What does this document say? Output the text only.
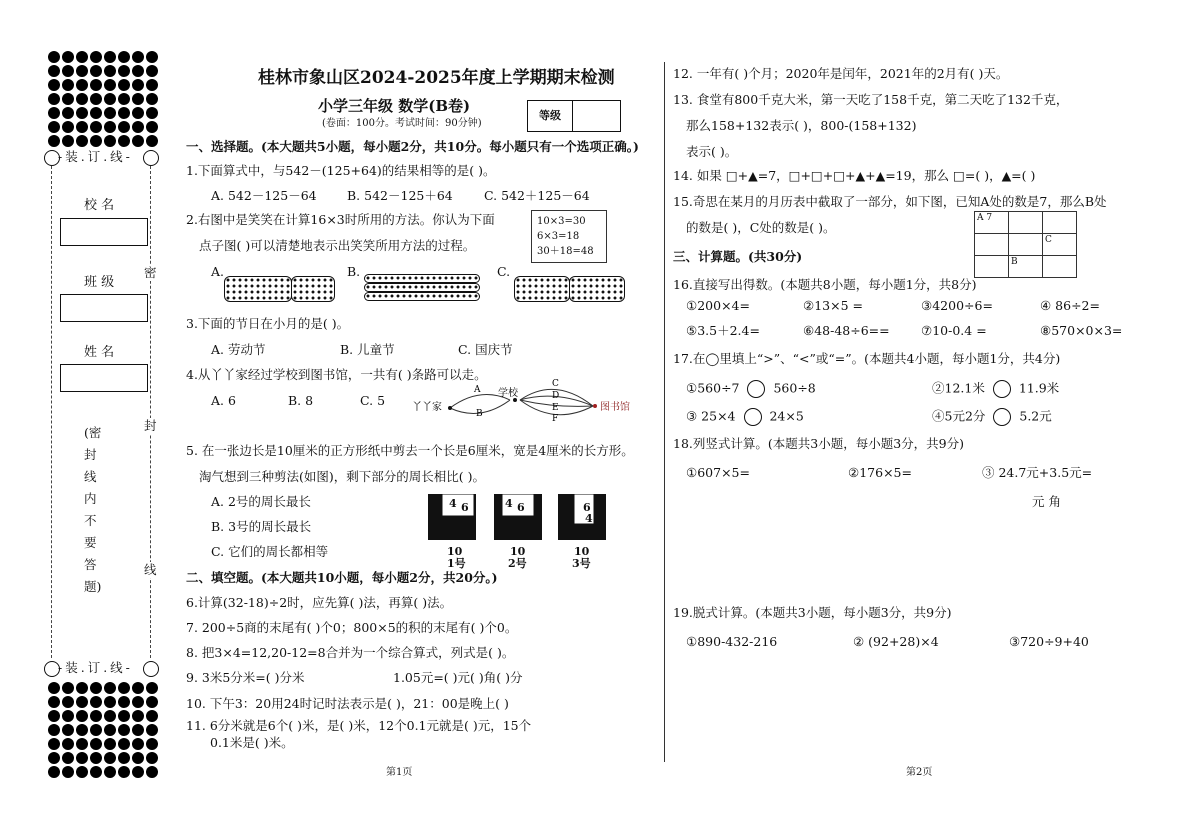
-装.订.线-
校 名
班 级
姓 名
(密封线内不要答题)
密
封
线
-装.订.线-
桂林市象山区2024-2025年度上学期期末检测
小学三年级 数学(B卷)
(卷面：100分。考试时间：90分钟)
等级
一、选择题。(本大题共5小题，每小题2分，共10分。每小题只有一个选项正确。)
1.下面算式中，与542－(125+64)的结果相等的是( )。
A. 542－125－64 B. 542－125＋64 C. 542＋125－64
2.右图中是笑笑在计算16×3时所用的方法。你认为下面
点子图( )可以清楚地表示出笑笑所用方法的过程。
10×3=30
6×3=18
30＋18=48
A.	B.	C.
3.下面的节日在小月的是( )。
A. 劳动节	B. 儿童节	C. 国庆节
4.从丫丫家经过学校到图书馆，一共有( )条路可以走。
A. 6	B. 8	C. 5	丫丫家
学校
图书馆
A
B
C
D
E
F
5. 在一张边长是10厘米的正方形纸中剪去一个长是6厘米，宽是4厘米的长方形。
淘气想到三种剪法(如图)，剩下部分的周长相比( )。
A. 2号的周长最长
B. 3号的周长最长
C. 它们的周长都相等
4 6
10
1号
4 6
10
2号
6
4
10
3号
二、填空题。(本大题共10小题，每小题2分，共20分。)
6.计算(32-18)÷2时，应先算( )法，再算( )法。
7. 200÷5商的末尾有( )个0；800×5的积的末尾有( )个0。
8. 把3×4=12,20-12=8合并为一个综合算式，列式是( )。
9. 3米5分米=( )分米	1.05元=( )元( )角( )分
10. 下午3：20用24时记时法表示是( )，21：00是晚上( )
11. 6分米就是6个( )米，是( )米，12个0.1元就是( )元，15个
0.1米是( )米。
第1页
12. 一年有( )个月；2020年是闰年，2021年的2月有( )天。
13. 食堂有800千克大米，第一天吃了158千克，第二天吃了132千克，
那么158+132表示( )，800-(158+132)
表示( )。
14. 如果 □+▲=7，□+□+□+▲+▲=19，那么 □=( )，▲=( )
15.奇思在某月的月历表中截取了一部分，如下图，已知A处的数是7，那么B处
的数是( )，C处的数是( )。
A 7		
		C
	B	
三、计算题。(共30分)
16.直接写出得数。(本题共8小题，每小题1分，共8分)
①200×4=	②13×5 =	③4200÷6=	④ 86÷2=
⑤3.5＋2.4=	⑥48-48÷6==	⑦10-0.4 =	⑧570×0×3=
17.在◯里填上“>”、“<”或“=”。(本题共4小题，每小题1分，共4分)
①560÷7	560÷8	②12.1米	11.9米
③ 25×4	24×5	④5元2分	5.2元
18.列竖式计算。(本题共3小题，每小题3分，共9分)
①607×5=	②176×5=	③ 24.7元+3.5元=
元 角
19.脱式计算。(本题共3小题，每小题3分，共9分)
①890-432-216	② (92+28)×4	③720÷9+40
第2页
